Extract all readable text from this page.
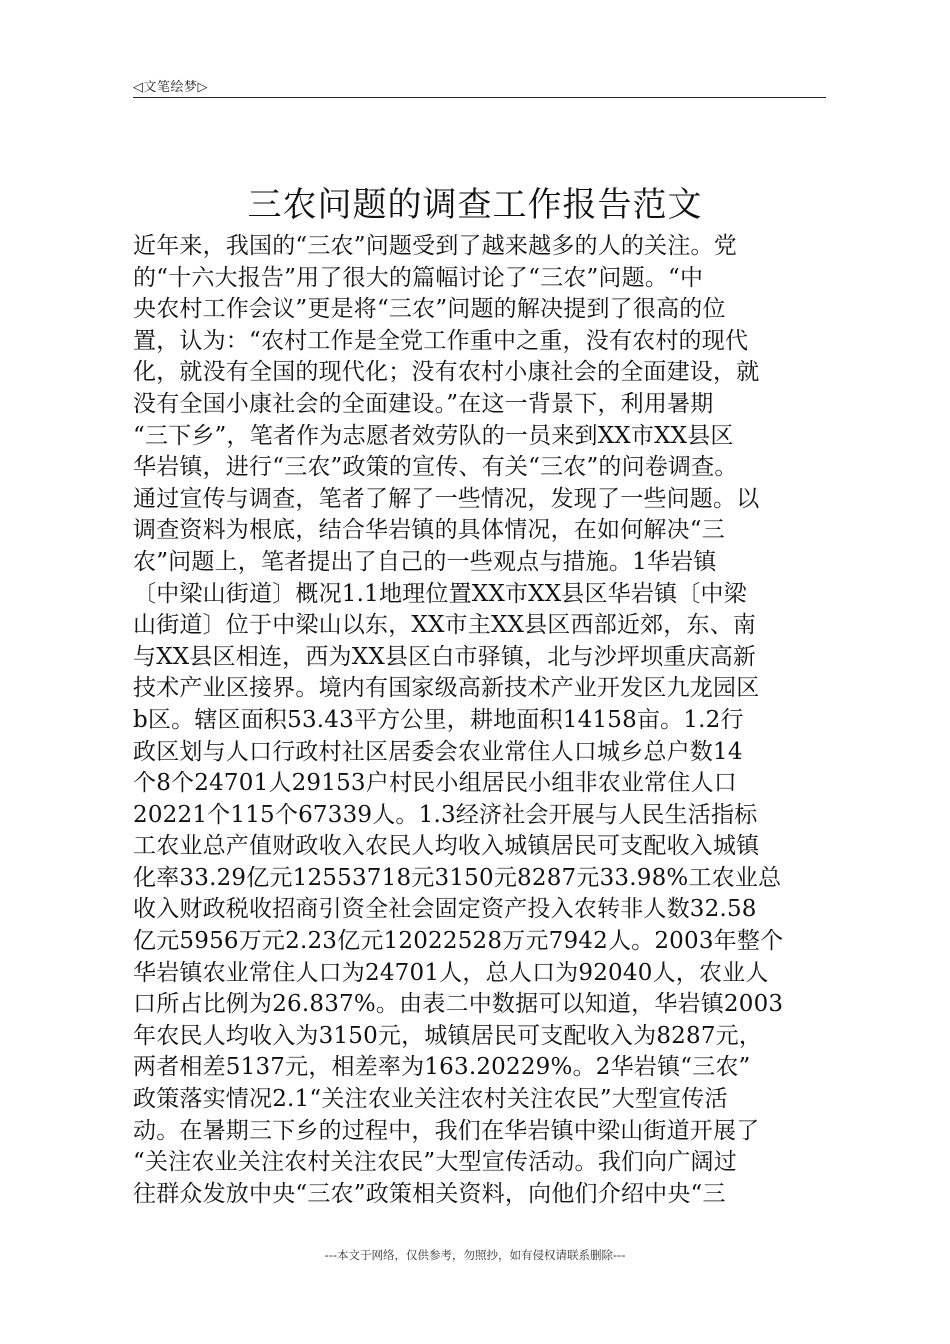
◁文笔绘梦▷
三农问题的调查工作报告范文
近年来，我国的“三农”问题受到了越来越多的人的关注。党
的“十六大报告”用了很大的篇幅讨论了“三农”问题。“中
央农村工作会议”更是将“三农”问题的解决提到了很高的位
置，认为：“农村工作是全党工作重中之重，没有农村的现代
化，就没有全国的现代化；没有农村小康社会的全面建设，就
没有全国小康社会的全面建设。”在这一背景下，利用暑期
“三下乡”，笔者作为志愿者效劳队的一员来到XX市XX县区
华岩镇，进行“三农”政策的宣传、有关“三农”的问卷调查。
通过宣传与调查，笔者了解了一些情况，发现了一些问题。以
调查资料为根底，结合华岩镇的具体情况，在如何解决“三
农”问题上，笔者提出了自己的一些观点与措施。1华岩镇
〔中梁山街道〕概况1.1地理位置XX市XX县区华岩镇〔中梁
山街道〕位于中梁山以东，XX市主XX县区西部近郊，东、南
与XX县区相连，西为XX县区白市驿镇，北与沙坪坝重庆高新
技术产业区接界。境内有国家级高新技术产业开发区九龙园区
b区。辖区面积53.43平方公里，耕地面积14158亩。1.2行
政区划与人口行政村社区居委会农业常住人口城乡总户数14
个8个24701人29153户村民小组居民小组非农业常住人口
20221个115个67339人。1.3经济社会开展与人民生活指标
工农业总产值财政收入农民人均收入城镇居民可支配收入城镇
化率33.29亿元12553718元3150元8287元33.98%工农业总
收入财政税收招商引资全社会固定资产投入农转非人数32.58
亿元5956万元2.23亿元12022528万元7942人。2003年整个
华岩镇农业常住人口为24701人，总人口为92040人，农业人
口所占比例为26.837%。由表二中数据可以知道，华岩镇2003
年农民人均收入为3150元，城镇居民可支配收入为8287元，
两者相差5137元，相差率为163.20229%。2华岩镇“三农”
政策落实情况2.1“关注农业关注农村关注农民”大型宣传活
动。在暑期三下乡的过程中，我们在华岩镇中梁山街道开展了
“关注农业关注农村关注农民”大型宣传活动。我们向广阔过
往群众发放中央“三农”政策相关资料，向他们介绍中央“三
---本文于网络，仅供参考，勿照抄，如有侵权请联系删除---
